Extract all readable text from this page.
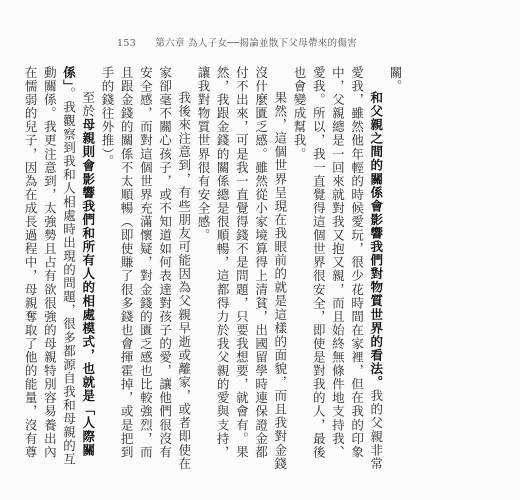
153 第六章 為人子女──揭論並散下父母帶來的傷害

關。

和父親之間的關係會影響我們對物質世界的看法。我的父親非常愛我，雖然他年輕的時候愛玩，很少花時間在家裡，但在我的印象中，父親總是一回來就對我又抱又親，而且始終無條件地支持我、愛我。所以，我一直覺得這個世界很安全，即使是對我的人，最後也會變成幫我。

果然，這個世界呈現在我眼前的就是這樣的面貌，而且我對金錢沒什麼匱乏感。雖然從小家境算得上清貧，出國留學時連保證金都付不出來，可是我一直覺得錢不是問題，只要我想要，就會有。果然，我跟金錢的關係總是很順暢，這都得力於我父親的愛與支持，讓我對物質世界很有安全感。

我後來注意到，有些朋友可能因為父親早逝或離家，或者即使在家卻毫不關心孩子，或不知道如何表達對孩子的愛，讓他們很沒有安全感，而對這個世界充滿懷疑，對金錢的匱乏感也比較強烈，而且跟金錢的關係不太順暢（即使賺了很多錢也會揮霍掉，或是把到手的錢往外推）。

至於母親則會影響我們和所有人的相處模式，也就是「人際關係」。我觀察到我和人相處時出現的問題，很多都源自我和母親的互動關係。我更注意到，太強勢且占有欲很強的母親特別容易養出內在懦弱的兒子，因為在成長過程中，母親奪取了他的能量，沒有尊
